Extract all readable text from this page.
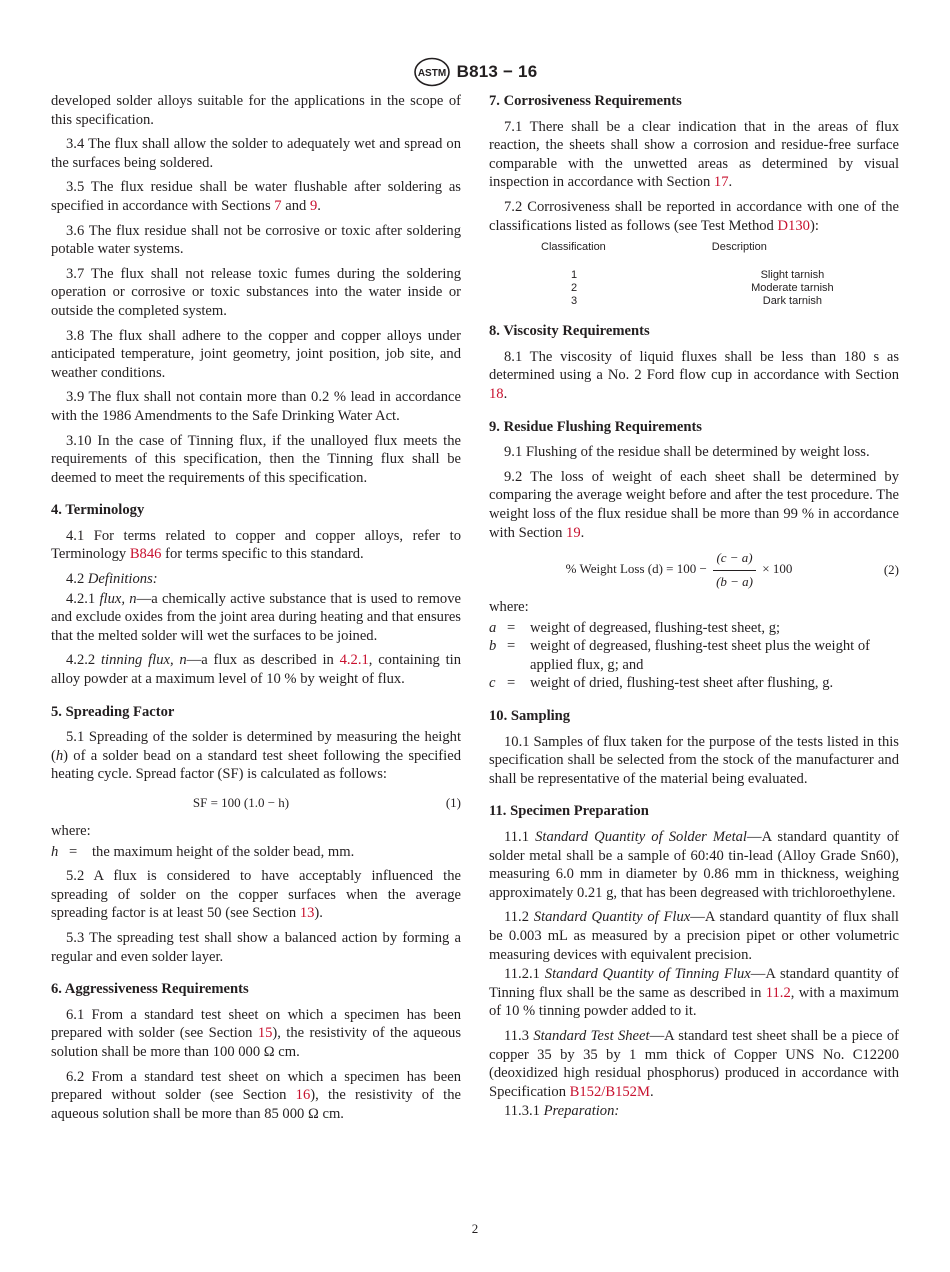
ASTM B813 − 16

developed solder alloys suitable for the applications in the scope of this specification.

3.4 The flux shall allow the solder to adequately wet and spread on the surfaces being soldered.

3.5 The flux residue shall be water flushable after soldering as specified in accordance with Sections 7 and 9.

3.6 The flux residue shall not be corrosive or toxic after soldering potable water systems.

3.7 The flux shall not release toxic fumes during the soldering operation or corrosive or toxic substances into the water inside or outside the completed system.

3.8 The flux shall adhere to the copper and copper alloys under anticipated temperature, joint geometry, joint position, job site, and weather conditions.

3.9 The flux shall not contain more than 0.2 % lead in accordance with the 1986 Amendments to the Safe Drinking Water Act.

3.10 In the case of Tinning flux, if the unalloyed flux meets the requirements of this specification, then the Tinning flux shall be deemed to meet the requirements of this specification.

4. Terminology

4.1 For terms related to copper and copper alloys, refer to Terminology B846 for terms specific to this standard.

4.2 Definitions:

4.2.1 flux, n—a chemically active substance that is used to remove and exclude oxides from the joint area during heating and that ensures that the melted solder will wet the surfaces to be joined.

4.2.2 tinning flux, n—a flux as described in 4.2.1, containing tin alloy powder at a maximum level of 10 % by weight of flux.

5. Spreading Factor

5.1 Spreading of the solder is determined by measuring the height (h) of a solder bead on a standard test sheet following the specified heating cycle. Spread factor (SF) is calculated as follows:

SF = 100 (1.0 − h)	(1)

where:

h =	the maximum height of the solder bead, mm.

5.2 A flux is considered to have acceptably influenced the spreading of solder on the copper surfaces when the average spreading factor is at least 50 (see Section 13).

5.3 The spreading test shall show a balanced action by forming a regular and even solder layer.

6. Aggressiveness Requirements

6.1 From a standard test sheet on which a specimen has been prepared with solder (see Section 15), the resistivity of the aqueous solution shall be more than 100 000 Ω cm.

6.2 From a standard test sheet on which a specimen has been prepared without solder (see Section 16), the resistivity of the aqueous solution shall be more than 85 000 Ω cm.

7. Corrosiveness Requirements

7.1 There shall be a clear indication that in the areas of flux reaction, the sheets shall show a corrosion and residue-free surface comparable with the unwetted areas as determined by visual inspection in accordance with Section 17.

7.2 Corrosiveness shall be reported in accordance with one of the classifications listed as follows (see Test Method D130):

Classification	Description
1	Slight tarnish
2	Moderate tarnish
3	Dark tarnish
8. Viscosity Requirements

8.1 The viscosity of liquid fluxes shall be less than 180 s as determined using a No. 2 Ford flow cup in accordance with Section 18.

9. Residue Flushing Requirements

9.1 Flushing of the residue shall be determined by weight loss.

9.2 The loss of weight of each sheet shall be determined by comparing the average weight before and after the test procedure. The weight loss of the flux residue shall be more than 99 % in accordance with Section 19.

% Weight Loss $(d) = 100 - \frac{(c - a)}{(b - a)} \times 100$	(2)

where:

a =	weight of degreased, flushing-test sheet, g;
b =	weight of degreased, flushing-test sheet plus the weight of applied flux, g; and
c =	weight of dried, flushing-test sheet after flushing, g.
10. Sampling

10.1 Samples of flux taken for the purpose of the tests listed in this specification shall be selected from the stock of the manufacturer and shall be representative of the material being evaluated.

11. Specimen Preparation

11.1 Standard Quantity of Solder Metal—A standard quantity of solder metal shall be a sample of 60:40 tin-lead (Alloy Grade Sn60), measuring 6.0 mm in diameter by 0.86 mm in thickness, weighing approximately 0.21 g, that has been degreased with trichloroethylene.

11.2 Standard Quantity of Flux—A standard quantity of flux shall be 0.003 mL as measured by a precision pipet or other volumetric measuring devices with equivalent precision.

11.2.1 Standard Quantity of Tinning Flux—A standard quantity of Tinning flux shall be the same as described in 11.2, with a maximum of 10 % tinning powder added to it.

11.3 Standard Test Sheet—A standard test sheet shall be a piece of copper 35 by 35 by 1 mm thick of Copper UNS No. C12200 (deoxidized high residual phosphorus) produced in accordance with Specification B152/B152M.

11.3.1 Preparation:

2
